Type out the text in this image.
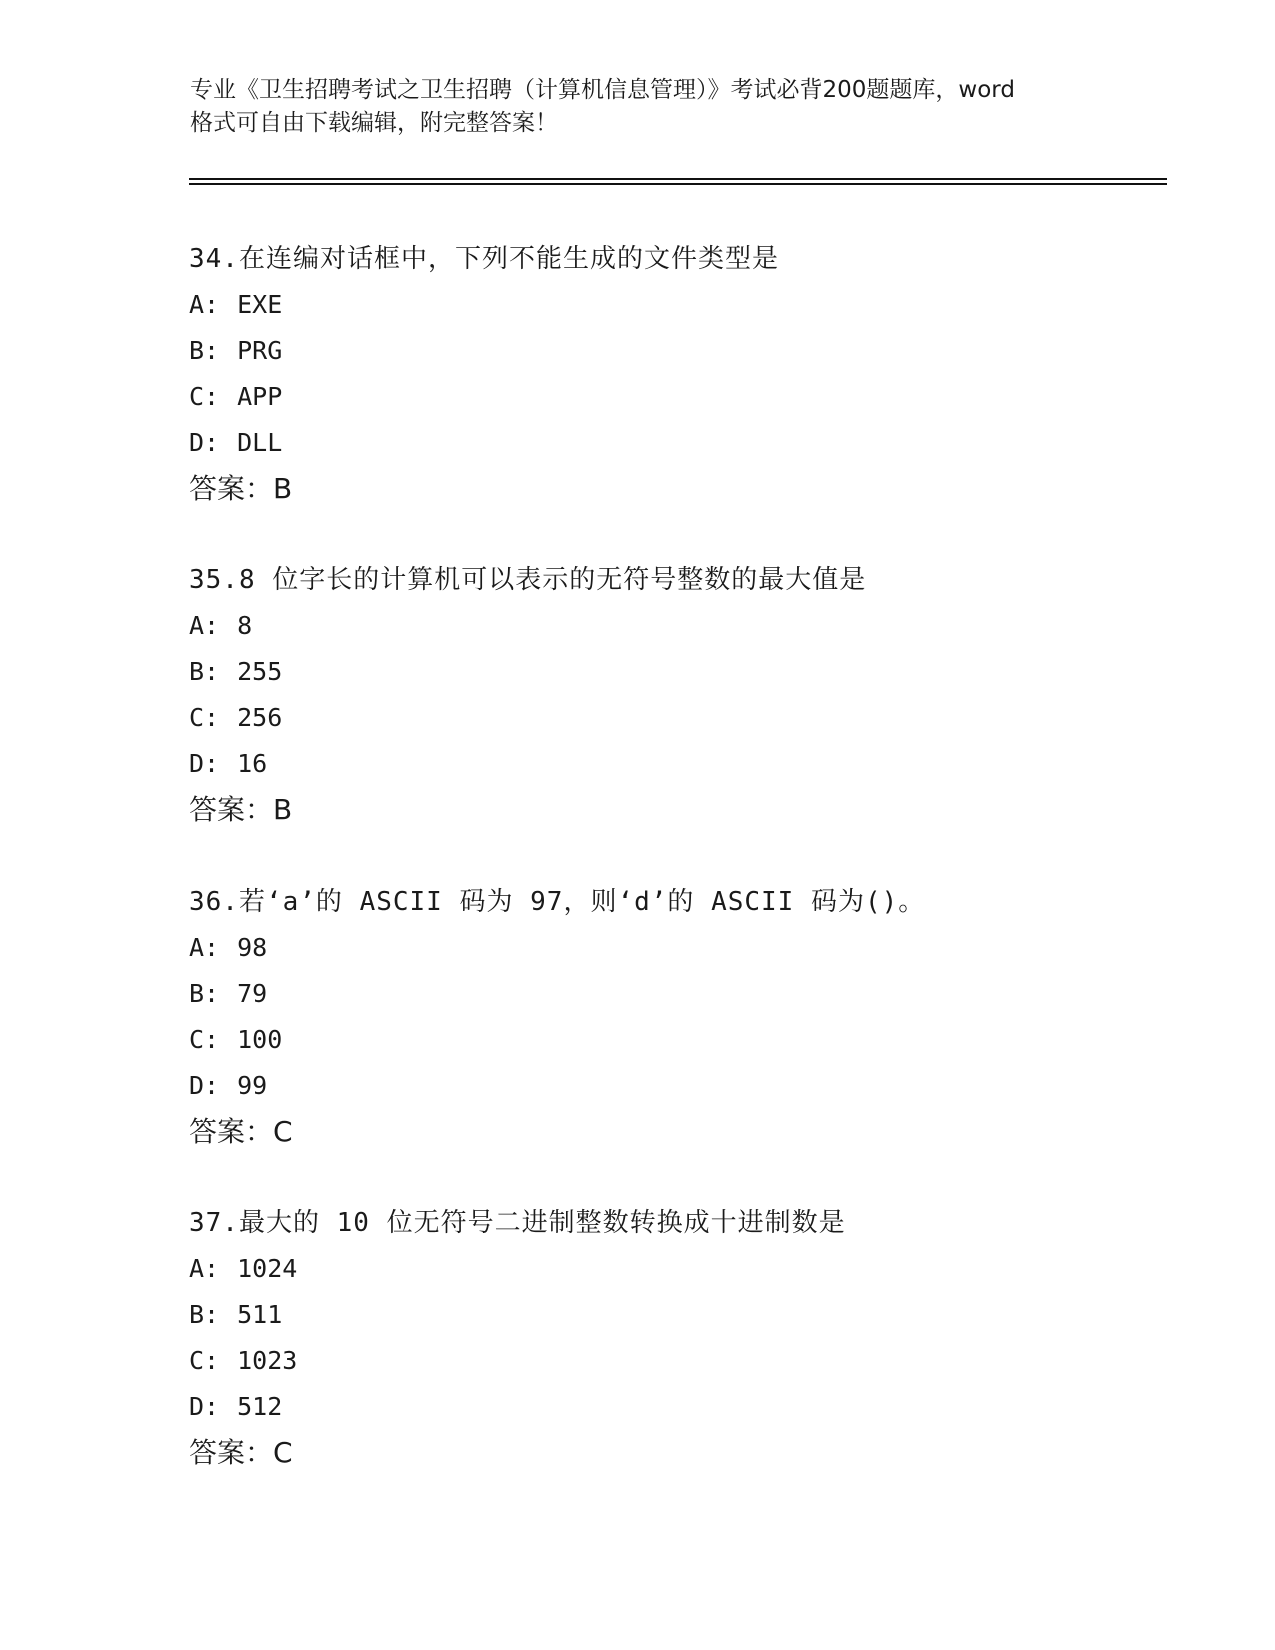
专业《卫生招聘考试之卫生招聘（计算机信息管理）》考试必背200题题库，word
格式可自由下载编辑，附完整答案！
34.在连编对话框中，下列不能生成的文件类型是
A: EXE
B: PRG
C: APP
D: DLL
答案：B
35.8 位字长的计算机可以表示的无符号整数的最大值是
A: 8
B: 255
C: 256
D: 16
答案：B
36.若‘a’的 ASCII 码为 97，则‘d’的 ASCII 码为()。
A: 98
B: 79
C: 100
D: 99
答案：C
37.最大的 10 位无符号二进制整数转换成十进制数是
A: 1024
B: 511
C: 1023
D: 512
答案：C
